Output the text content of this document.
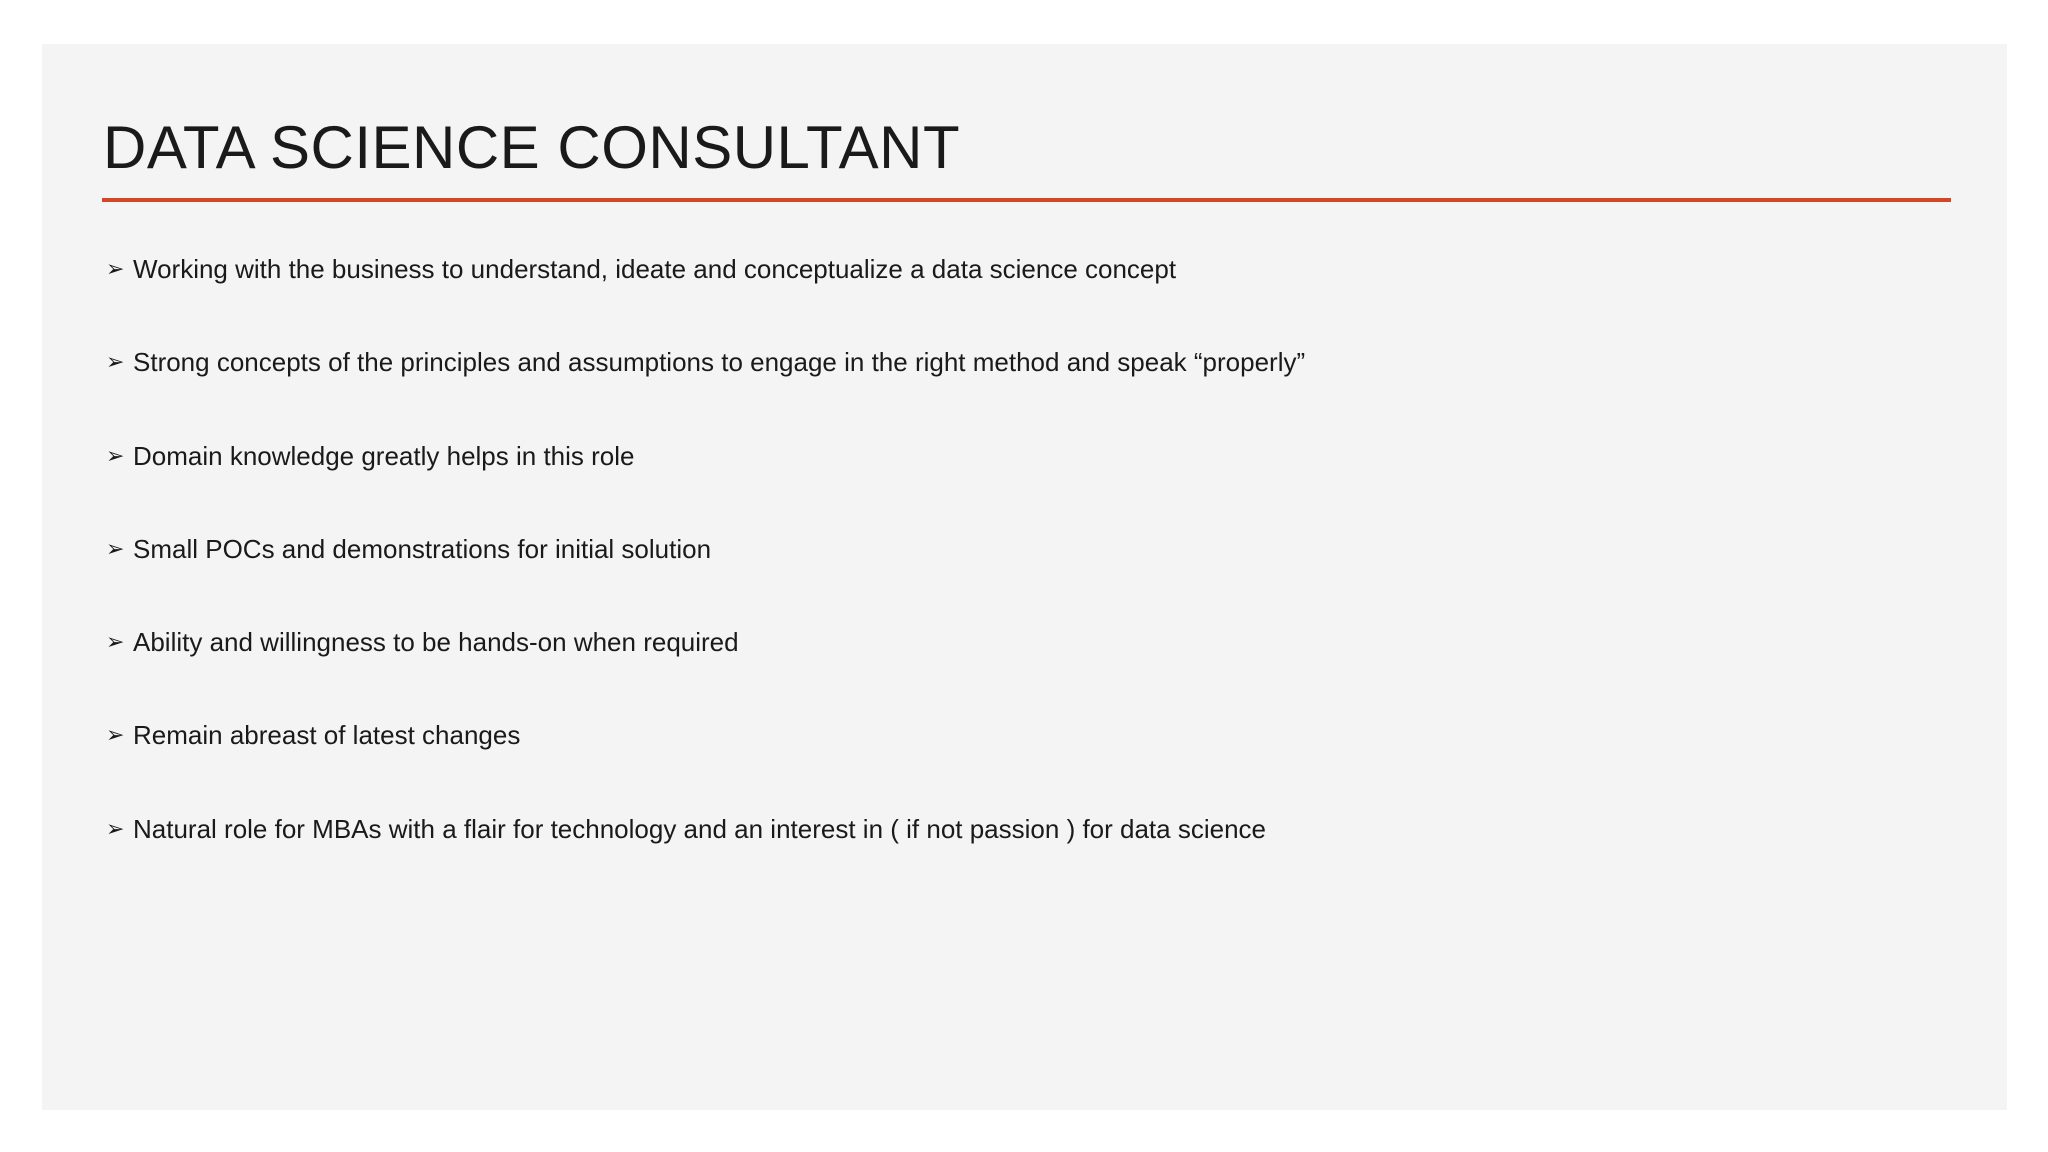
DATA SCIENCE CONSULTANT
➢ Working with the business to understand, ideate and conceptualize a data science concept
➢ Strong concepts of the principles and assumptions to engage in the right method and speak “properly”
➢ Domain knowledge greatly helps in this role
➢ Small POCs and demonstrations for initial solution
➢ Ability and willingness to be hands-on when required
➢ Remain abreast of latest changes
➢ Natural role for MBAs with a flair for technology and an interest in ( if not passion ) for data science
